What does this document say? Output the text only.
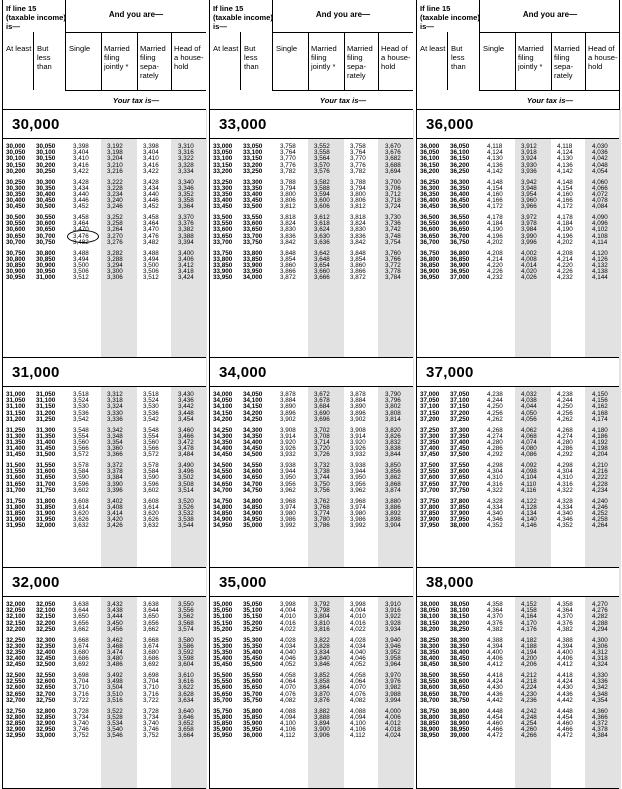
If line 15 (taxable income) is—
And you are—
At least But less than
Single	Married filing jointly *
Married filing sepa- rately
Head of a house- hold
Your tax is—
30,000
30,000 30,050	3,398	3,192	3,398	3,310
30,050 30,100	3,404	3,198	3,404	3,316
30,100 30,150	3,410	3,204	3,410	3,322
30,150 30,200	3,416	3,210	3,416	3,328
30,200 30,250	3,422	3,216	3,422	3,334
30,250 30,300	3,428	3,222	3,428	3,340
30,300 30,350	3,434	3,228	3,434	3,346
30,350 30,400	3,440	3,234	3,440	3,352
30,400 30,450	3,446	3,240	3,446	3,358
30,450 30,500	3,452	3,246	3,452	3,364
30,500 30,550	3,458	3,252	3,458	3,370
30,550 30,600	3,464	3,258	3,464	3,376
30,600 30,650	3,470	3,264	3,470	3,382
30,650 30,700	3,476	3,270	3,476	3,388
30,700 30,750	3,482	3,276	3,482	3,394
30,750 30,800	3,488	3,282	3,488	3,400
30,800 30,850	3,494	3,288	3,494	3,406
30,850 30,900	3,500	3,294	3,500	3,412
30,900 30,950	3,506	3,300	3,506	3,418
30,950 31,000	3,512	3,306	3,512	3,424
31,000
31,000 31,050	3,518	3,312	3,518	3,430
31,050 31,100	3,524	3,318	3,524	3,436
31,100 31,150	3,530	3,324	3,530	3,442
31,150 31,200	3,536	3,330	3,536	3,448
31,200 31,250	3,542	3,336	3,542	3,454
31,250 31,300	3,548	3,342	3,548	3,460
31,300 31,350	3,554	3,348	3,554	3,466
31,350 31,400	3,560	3,354	3,560	3,472
31,400 31,450	3,566	3,360	3,566	3,478
31,450 31,500	3,572	3,366	3,572	3,484
31,500 31,550	3,578	3,372	3,578	3,490
31,550 31,600	3,584	3,378	3,584	3,496
31,600 31,650	3,590	3,384	3,590	3,502
31,650 31,700	3,596	3,390	3,596	3,508
31,700 31,750	3,602	3,396	3,602	3,514
31,750 31,800	3,608	3,402	3,608	3,520
31,800 31,850	3,614	3,408	3,614	3,526
31,850 31,900	3,620	3,414	3,620	3,532
31,900 31,950	3,626	3,420	3,626	3,538
31,950 32,000	3,632	3,426	3,632	3,544
32,000
32,000 32,050	3,638	3,432	3,638	3,550
32,050 32,100	3,644	3,438	3,644	3,556
32,100 32,150	3,650	3,444	3,650	3,562
32,150 32,200	3,656	3,450	3,656	3,568
32,200 32,250	3,662	3,456	3,662	3,574
32,250 32,300	3,668	3,462	3,668	3,580
32,300 32,350	3,674	3,468	3,674	3,586
32,350 32,400	3,680	3,474	3,680	3,592
32,400 32,450	3,686	3,480	3,686	3,598
32,450 32,500	3,692	3,486	3,692	3,604
32,500 32,550	3,698	3,492	3,698	3,610
32,550 32,600	3,704	3,498	3,704	3,616
32,600 32,650	3,710	3,504	3,710	3,622
32,650 32,700	3,716	3,510	3,716	3,628
32,700 32,750	3,722	3,516	3,722	3,634
32,750 32,800	3,728	3,522	3,728	3,640
32,800 32,850	3,734	3,528	3,734	3,646
32,850 32,900	3,740	3,534	3,740	3,652
32,900 32,950	3,746	3,540	3,746	3,658
32,950 33,000	3,752	3,546	3,752	3,664
If line 15 (taxable income) is—
And you are—
At least But less than
Single	Married filing jointly *
Married filing sepa- rately
Head of a house- hold
Your tax is—
33,000
33,000 33,050	3,758	3,552	3,758	3,670
33,050 33,100	3,764	3,558	3,764	3,676
33,100 33,150	3,770	3,564	3,770	3,682
33,150 33,200	3,776	3,570	3,776	3,688
33,200 33,250	3,782	3,576	3,782	3,694
33,250 33,300	3,788	3,582	3,788	3,700
33,300 33,350	3,794	3,588	3,794	3,706
33,350 33,400	3,800	3,594	3,800	3,712
33,400 33,450	3,806	3,600	3,806	3,718
33,450 33,500	3,812	3,606	3,812	3,724
33,500 33,550	3,818	3,612	3,818	3,730
33,550 33,600	3,824	3,618	3,824	3,736
33,600 33,650	3,830	3,624	3,830	3,742
33,650 33,700	3,836	3,630	3,836	3,748
33,700 33,750	3,842	3,636	3,842	3,754
33,750 33,800	3,848	3,642	3,848	3,760
33,800 33,850	3,854	3,648	3,854	3,766
33,850 33,900	3,860	3,654	3,860	3,772
33,900 33,950	3,866	3,660	3,866	3,778
33,950 34,000	3,872	3,666	3,872	3,784
34,000
34,000 34,050	3,878	3,672	3,878	3,790
34,050 34,100	3,884	3,678	3,884	3,796
34,100 34,150	3,890	3,684	3,890	3,802
34,150 34,200	3,896	3,690	3,896	3,808
34,200 34,250	3,902	3,696	3,902	3,814
34,250 34,300	3,908	3,702	3,908	3,820
34,300 34,350	3,914	3,708	3,914	3,826
34,350 34,400	3,920	3,714	3,920	3,832
34,400 34,450	3,926	3,720	3,926	3,838
34,450 34,500	3,932	3,726	3,932	3,844
34,500 34,550	3,938	3,732	3,938	3,850
34,550 34,600	3,944	3,738	3,944	3,856
34,600 34,650	3,950	3,744	3,950	3,862
34,650 34,700	3,956	3,750	3,956	3,868
34,700 34,750	3,962	3,756	3,962	3,874
34,750 34,800	3,968	3,762	3,968	3,880
34,800 34,850	3,974	3,768	3,974	3,886
34,850 34,900	3,980	3,774	3,980	3,892
34,900 34,950	3,986	3,780	3,986	3,898
34,950 35,000	3,992	3,786	3,992	3,904
35,000
35,000 35,050	3,998	3,792	3,998	3,910
35,050 35,100	4,004	3,798	4,004	3,916
35,100 35,150	4,010	3,804	4,010	3,922
35,150 35,200	4,016	3,810	4,016	3,928
35,200 35,250	4,022	3,816	4,022	3,934
35,250 35,300	4,028	3,822	4,028	3,940
35,300 35,350	4,034	3,828	4,034	3,946
35,350 35,400	4,040	3,834	4,040	3,952
35,400 35,450	4,046	3,840	4,046	3,958
35,450 35,500	4,052	3,846	4,052	3,964
35,500 35,550	4,058	3,852	4,058	3,970
35,550 35,600	4,064	3,858	4,064	3,976
35,600 35,650	4,070	3,864	4,070	3,982
35,650 35,700	4,076	3,870	4,076	3,988
35,700 35,750	4,082	3,876	4,082	3,994
35,750 35,800	4,088	3,882	4,088	4,000
35,800 35,850	4,094	3,888	4,094	4,006
35,850 35,900	4,100	3,894	4,100	4,012
35,900 35,950	4,106	3,900	4,106	4,018
35,950 36,000	4,112	3,906	4,112	4,024
If line 15 (taxable income) is—
And you are—
At least But less than
Single	Married filing jointly *
Married filing sepa- rately
Head of a house- hold
Your tax is—
36,000
36,000 36,050	4,118	3,912	4,118	4,030
36,050 36,100	4,124	3,918	4,124	4,036
36,100 36,150	4,130	3,924	4,130	4,042
36,150 36,200	4,136	3,930	4,136	4,048
36,200 36,250	4,142	3,936	4,142	4,054
36,250 36,300	4,148	3,942	4,148	4,060
36,300 36,350	4,154	3,948	4,154	4,066
36,350 36,400	4,160	3,954	4,160	4,072
36,400 36,450	4,166	3,960	4,166	4,078
36,450 36,500	4,172	3,966	4,172	4,084
36,500 36,550	4,178	3,972	4,178	4,090
36,550 36,600	4,184	3,978	4,184	4,096
36,600 36,650	4,190	3,984	4,190	4,102
36,650 36,700	4,196	3,990	4,196	4,108
36,700 36,750	4,202	3,996	4,202	4,114
36,750 36,800	4,208	4,002	4,208	4,120
36,800 36,850	4,214	4,008	4,214	4,126
36,850 36,900	4,220	4,014	4,220	4,132
36,900 36,950	4,226	4,020	4,226	4,138
36,950 37,000	4,232	4,026	4,232	4,144
37,000
37,000 37,050	4,238	4,032	4,238	4,150
37,050 37,100	4,244	4,038	4,244	4,156
37,100 37,150	4,250	4,044	4,250	4,162
37,150 37,200	4,256	4,050	4,256	4,168
37,200 37,250	4,262	4,056	4,262	4,174
37,250 37,300	4,268	4,062	4,268	4,180
37,300 37,350	4,274	4,068	4,274	4,186
37,350 37,400	4,280	4,074	4,280	4,192
37,400 37,450	4,286	4,080	4,286	4,198
37,450 37,500	4,292	4,086	4,292	4,204
37,500 37,550	4,298	4,092	4,298	4,210
37,550 37,600	4,304	4,098	4,304	4,216
37,600 37,650	4,310	4,104	4,310	4,222
37,650 37,700	4,316	4,110	4,316	4,228
37,700 37,750	4,322	4,116	4,322	4,234
37,750 37,800	4,328	4,122	4,328	4,240
37,800 37,850	4,334	4,128	4,334	4,246
37,850 37,900	4,340	4,134	4,340	4,252
37,900 37,950	4,346	4,140	4,346	4,258
37,950 38,000	4,352	4,146	4,352	4,264
38,000
38,000 38,050	4,358	4,152	4,358	4,270
38,050 38,100	4,364	4,158	4,364	4,276
38,100 38,150	4,370	4,164	4,370	4,282
38,150 38,200	4,376	4,170	4,376	4,288
38,200 38,250	4,382	4,176	4,382	4,294
38,250 38,300	4,388	4,182	4,388	4,300
38,300 38,350	4,394	4,188	4,394	4,306
38,350 38,400	4,400	4,194	4,400	4,312
38,400 38,450	4,406	4,200	4,406	4,318
38,450 38,500	4,412	4,206	4,412	4,324
38,500 38,550	4,418	4,212	4,418	4,330
38,550 38,600	4,424	4,218	4,424	4,336
38,600 38,650	4,430	4,224	4,430	4,342
38,650 38,700	4,436	4,230	4,436	4,348
38,700 38,750	4,442	4,236	4,442	4,354
38,750 38,800	4,448	4,242	4,448	4,360
38,800 38,850	4,454	4,248	4,454	4,366
38,850 38,900	4,460	4,254	4,460	4,372
38,900 38,950	4,466	4,260	4,466	4,378
38,950 39,000	4,472	4,266	4,472	4,384
